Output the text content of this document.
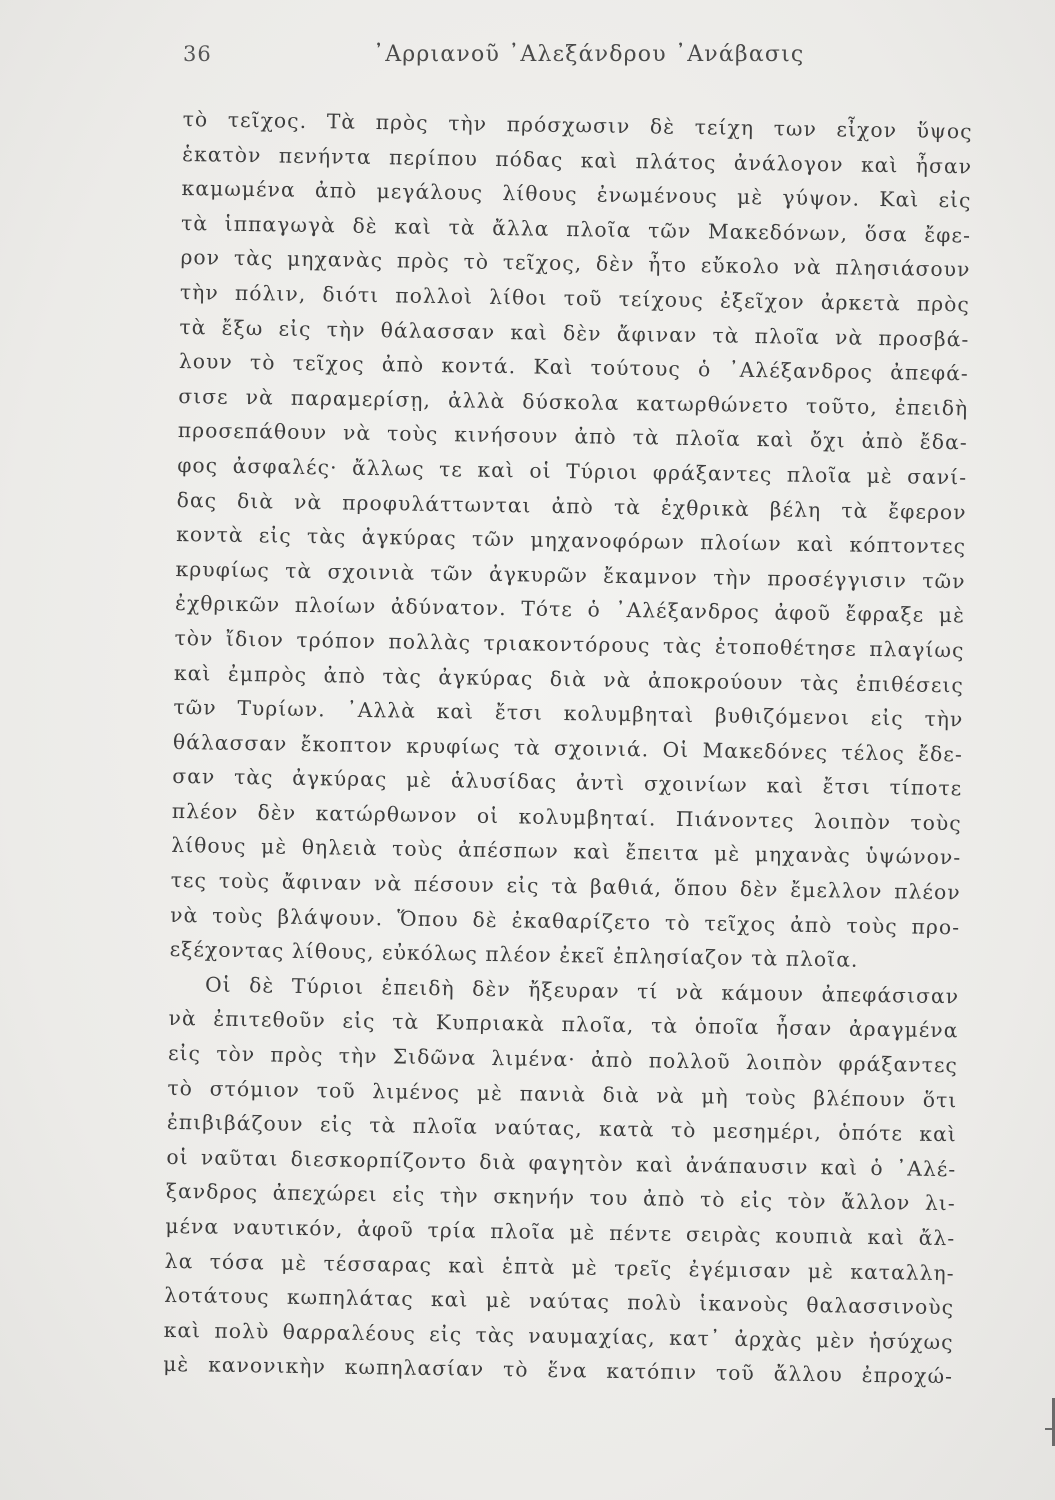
36	᾿Αρριανοῦ ᾿Αλεξάνδρου ᾿Ανάβασις
τὸ τεῖχος. Τὰ πρὸς τὴν πρόσχωσιν δὲ τείχη των εἶχον ὕψος
ἑκατὸν πενήντα περίπου πόδας καὶ πλάτος ἀνάλογον καὶ ἦσαν
καμωμένα ἀπὸ μεγάλους λίθους ἐνωμένους μὲ γύψον. Καὶ εἰς
τὰ ἱππαγωγὰ δὲ καὶ τὰ ἄλλα πλοῖα τῶν Μακεδόνων, ὅσα ἔφε-
ρον τὰς μηχανὰς πρὸς τὸ τεῖχος, δὲν ἦτο εὔκολο νὰ πλησιάσουν
τὴν πόλιν, διότι πολλοὶ λίθοι τοῦ τείχους ἐξεῖχον ἀρκετὰ πρὸς
τὰ ἔξω εἰς τὴν θάλασσαν καὶ δὲν ἄφιναν τὰ πλοῖα νὰ προσβά-
λουν τὸ τεῖχος ἀπὸ κοντά. Καὶ τούτους ὁ ᾿Αλέξανδρος ἀπεφά-
σισε νὰ παραμερίσῃ, ἀλλὰ δύσκολα κατωρθώνετο τοῦτο, ἐπειδὴ
προσεπάθουν νὰ τοὺς κινήσουν ἀπὸ τὰ πλοῖα καὶ ὄχι ἀπὸ ἔδα-
φος ἀσφαλές· ἄλλως τε καὶ οἱ Τύριοι φράξαντες πλοῖα μὲ σανί-
δας διὰ νὰ προφυλάττωνται ἀπὸ τὰ ἐχθρικὰ βέλη τὰ ἔφερον
κοντὰ εἰς τὰς ἀγκύρας τῶν μηχανοφόρων πλοίων καὶ κόπτοντες
κρυφίως τὰ σχοινιὰ τῶν ἀγκυρῶν ἔκαμνον τὴν προσέγγισιν τῶν
ἐχθρικῶν πλοίων ἀδύνατον. Τότε ὁ ᾿Αλέξανδρος ἀφοῦ ἔφραξε μὲ
τὸν ἴδιον τρόπον πολλὰς τριακοντόρους τὰς ἐτοποθέτησε πλαγίως
καὶ ἐμπρὸς ἀπὸ τὰς ἀγκύρας διὰ νὰ ἀποκρούουν τὰς ἐπιθέσεις
τῶν Τυρίων. ᾿Αλλὰ καὶ ἔτσι κολυμβηταὶ βυθιζόμενοι εἰς τὴν
θάλασσαν ἔκοπτον κρυφίως τὰ σχοινιά. Οἱ Μακεδόνες τέλος ἔδε-
σαν τὰς ἀγκύρας μὲ ἁλυσίδας ἀντὶ σχοινίων καὶ ἔτσι τίποτε
πλέον δὲν κατώρθωνον οἱ κολυμβηταί. Πιάνοντες λοιπὸν τοὺς
λίθους μὲ θηλειὰ τοὺς ἀπέσπων καὶ ἔπειτα μὲ μηχανὰς ὑψώνον-
τες τοὺς ἄφιναν νὰ πέσουν εἰς τὰ βαθιά, ὅπου δὲν ἔμελλον πλέον
νὰ τοὺς βλάψουν. Ὅπου δὲ ἐκαθαρίζετο τὸ τεῖχος ἀπὸ τοὺς προ-
εξέχοντας λίθους, εὐκόλως πλέον ἐκεῖ ἐπλησίαζον τὰ πλοῖα.
Οἱ δὲ Τύριοι ἐπειδὴ δὲν ἤξευραν τί νὰ κάμουν ἀπεφάσισαν
νὰ ἐπιτεθοῦν εἰς τὰ Κυπριακὰ πλοῖα, τὰ ὁποῖα ἦσαν ἀραγμένα
εἰς τὸν πρὸς τὴν Σιδῶνα λιμένα· ἀπὸ πολλοῦ λοιπὸν φράξαντες
τὸ στόμιον τοῦ λιμένος μὲ πανιὰ διὰ νὰ μὴ τοὺς βλέπουν ὅτι
ἐπιβιβάζουν εἰς τὰ πλοῖα ναύτας, κατὰ τὸ μεσημέρι, ὁπότε καὶ
οἱ ναῦται διεσκορπίζοντο διὰ φαγητὸν καὶ ἀνάπαυσιν καὶ ὁ ᾿Αλέ-
ξανδρος ἀπεχώρει εἰς τὴν σκηνήν του ἀπὸ τὸ εἰς τὸν ἄλλον λι-
μένα ναυτικόν, ἀφοῦ τρία πλοῖα μὲ πέντε σειρὰς κουπιὰ καὶ ἄλ-
λα τόσα μὲ τέσσαρας καὶ ἑπτὰ μὲ τρεῖς ἐγέμισαν μὲ καταλλη-
λοτάτους κωπηλάτας καὶ μὲ ναύτας πολὺ ἱκανοὺς θαλασσινοὺς
καὶ πολὺ θαρραλέους εἰς τὰς ναυμαχίας, κατ᾿ ἀρχὰς μὲν ἡσύχως
μὲ κανονικὴν κωπηλασίαν τὸ ἕνα κατόπιν τοῦ ἄλλου ἐπροχώ-
